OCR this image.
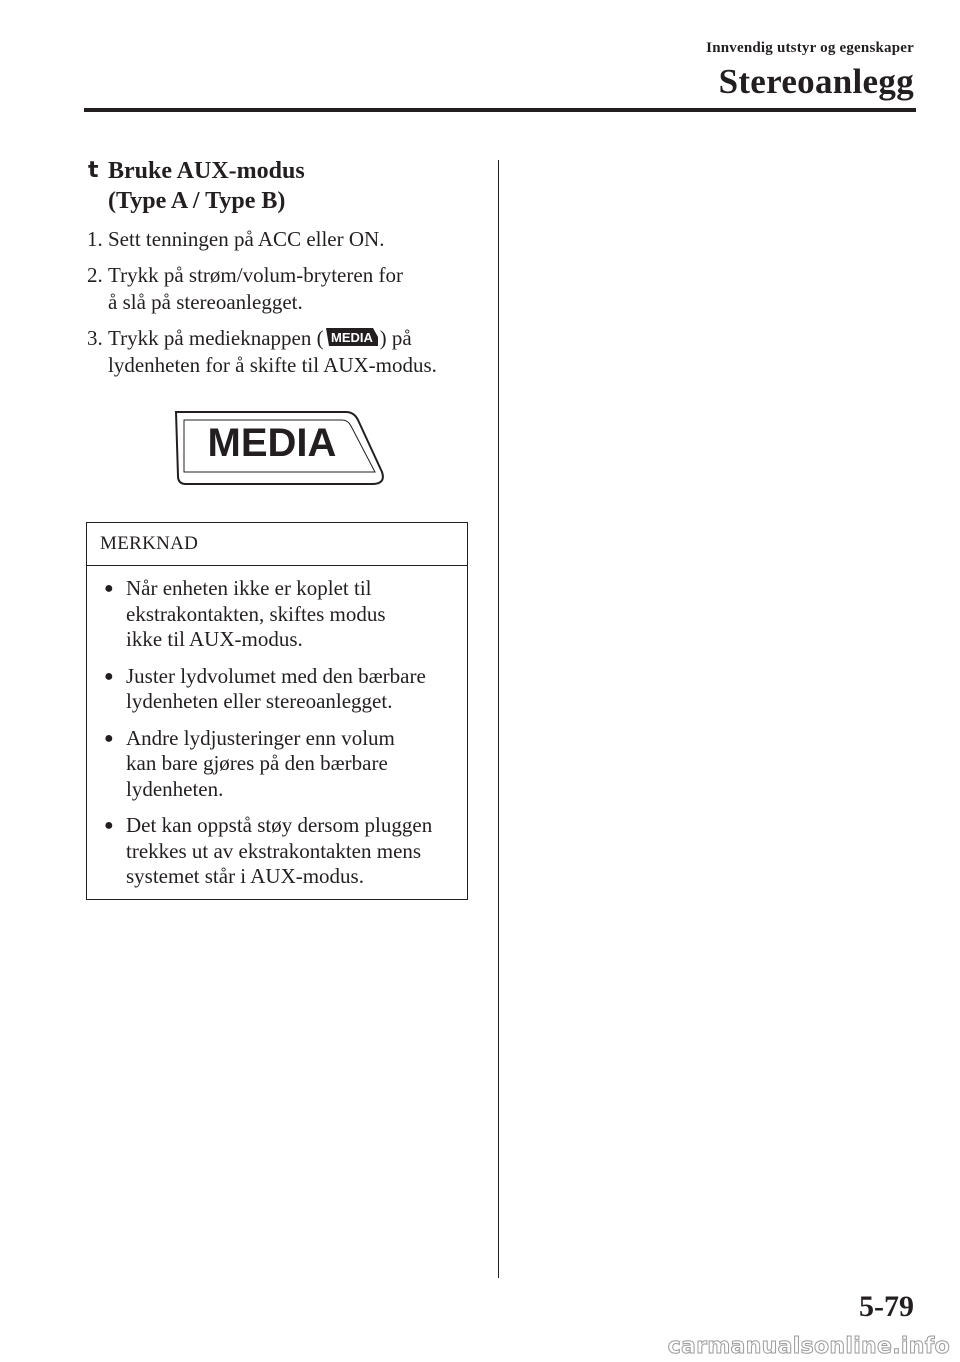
Innvendig utstyr og egenskaper
Stereoanlegg
t Bruke AUX-modus
(Type A / Type B)
1. Sett tenningen på ACC eller ON.

2. Trykk på strøm/volum-bryteren for

å slå på stereoanlegget.

3. Trykk på medieknappen ( MEDIA ) på

lydenheten for å skifte til AUX-modus.

MEDIA
MERKNAD
● Når enheten ikke er koplet til
ekstrakontakten, skiftes modus
ikke til AUX-modus.
● Juster lydvolumet med den bærbare
lydenheten eller stereoanlegget.
● Andre lydjusteringer enn volum
kan bare gjøres på den bærbare
lydenheten.
● Det kan oppstå støy dersom pluggen
trekkes ut av ekstrakontakten mens
systemet står i AUX-modus.
5-79
carmanualsonline.info
